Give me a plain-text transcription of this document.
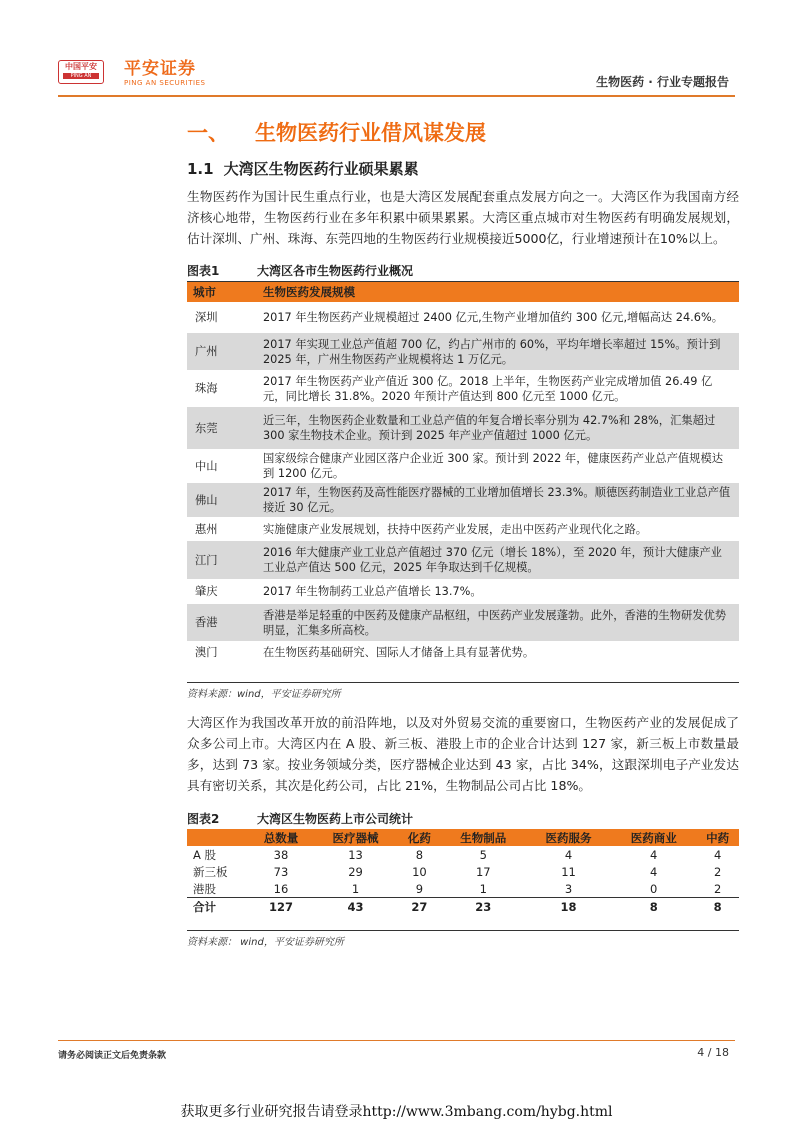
中国平安
PING AN	平安证券
PING AN SECURITIES	生物医药 · 行业专题报告
一、 生物医药行业借风谋发展
1.1 大湾区生物医药行业硕果累累
生物医药作为国计民生重点行业，也是大湾区发展配套重点发展方向之一。大湾区作为我国南方经济核心地带，生物医药行业在多年积累中硕果累累。大湾区重点城市对生物医药有明确发展规划，估计深圳、广州、珠海、东莞四地的生物医药行业规模接近5000亿，行业增速预计在10%以上。
图表1	大湾区各市生物医药行业概况
城市	生物医药发展规模
深圳	2017 年生物医药产业规模超过 2400 亿元,生物产业增加值约 300 亿元,增幅高达 24.6%。
广州	2017 年实现工业总产值超 700 亿，约占广州市的 60%，平均年增长率超过 15%。预计到 2025 年，广州生物医药产业规模将达 1 万亿元。
珠海	2017 年生物医药产业产值近 300 亿。2018 上半年，生物医药产业完成增加值 26.49 亿元，同比增长 31.8%。2020 年预计产值达到 800 亿元至 1000 亿元。
东莞	近三年，生物医药企业数量和工业总产值的年复合增长率分别为 42.7%和 28%，汇集超过 300 家生物技术企业。预计到 2025 年产业产值超过 1000 亿元。
中山	国家级综合健康产业园区落户企业近 300 家。预计到 2022 年，健康医药产业总产值规模达到 1200 亿元。
佛山	2017 年，生物医药及高性能医疗器械的工业增加值增长 23.3%。顺德医药制造业工业总产值接近 30 亿元。
惠州	实施健康产业发展规划，扶持中医药产业发展，走出中医药产业现代化之路。
江门	2016 年大健康产业工业总产值超过 370 亿元（增长 18%），至 2020 年，预计大健康产业工业总产值达 500 亿元，2025 年争取达到千亿规模。
肇庆	2017 年生物制药工业总产值增长 13.7%。
香港	香港是举足轻重的中医药及健康产品枢纽，中医药产业发展蓬勃。此外，香港的生物研发优势明显，汇集多所高校。
澳门	在生物医药基础研究、国际人才储备上具有显著优势。
资料来源：wind，平安证券研究所
大湾区作为我国改革开放的前沿阵地，以及对外贸易交流的重要窗口，生物医药产业的发展促成了众多公司上市。大湾区内在 A 股、新三板、港股上市的企业合计达到 127 家，新三板上市数量最多，达到 73 家。按业务领域分类，医疗器械企业达到 43 家，占比 34%，这跟深圳电子产业发达具有密切关系，其次是化药公司，占比 21%，生物制品公司占比 18%。
图表2	大湾区生物医药上市公司统计
	总数量	医疗器械	化药	生物制品	医药服务	医药商业	中药
A 股	38	13	8	5	4	4	4
新三板	73	29	10	17	11	4	2
港股	16	1	9	1	3	0	2
合计	127	43	27	23	18	8	8
资料来源： wind，平安证券研究所
请务必阅读正文后免责条款	4 / 18
获取更多行业研究报告请登录http://www.3mbang.com/hybg.html
